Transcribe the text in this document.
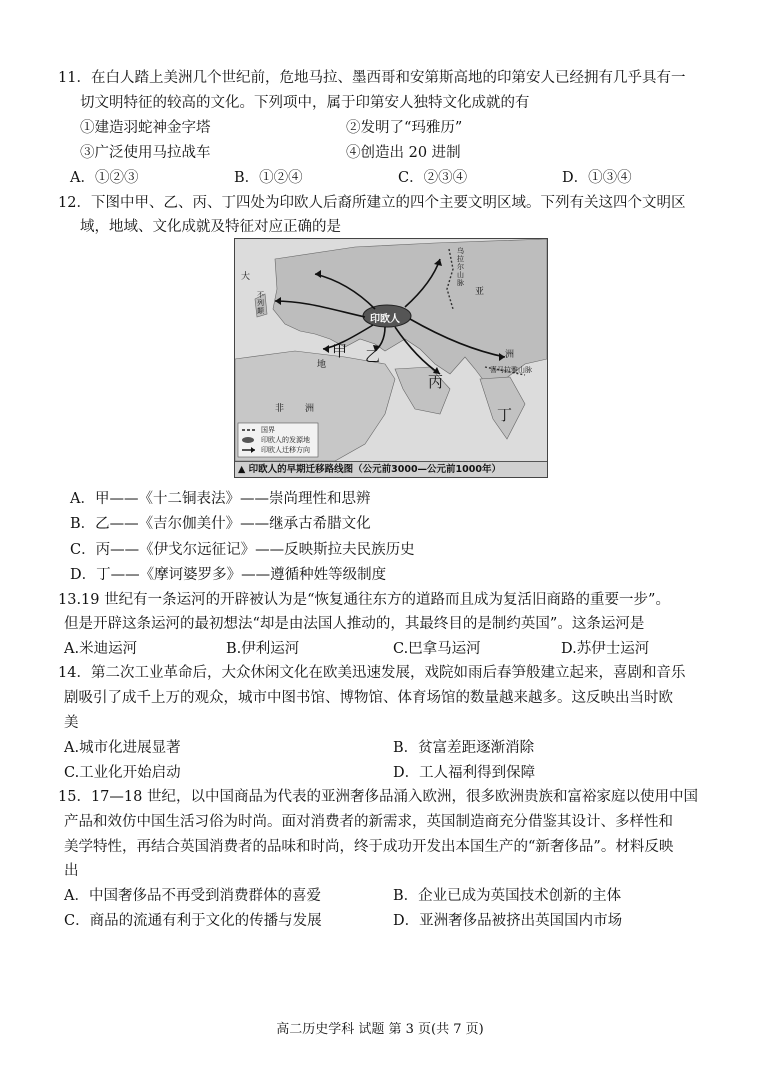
11．在白人踏上美洲几个世纪前，危地马拉、墨西哥和安第斯高地的印第安人已经拥有几乎具有一
切文明特征的较高的文化。下列项中，属于印第安人独特文化成就的有
①建造羽蛇神金字塔	②发明了“玛雅历”
③广泛使用马拉战车	④创造出 20 进制
A．①②③	B．①②④	C．②③④	D．①③④
12．下图中甲、乙、丙、丁四处为印欧人后裔所建立的四个主要文明区域。下列有关这四个文明区
域，地域、文化成就及特征对应正确的是
印欧人
甲 乙
丙
丁
大
不列颠
地
非 洲
亚
洲
喜马拉雅山脉
乌拉尔山脉
国界
印欧人的发源地
印欧人迁移方向
▲ 印欧人的早期迁移路线图（公元前3000—公元前1000年）
A．甲——《十二铜表法》——崇尚理性和思辨
B．乙——《吉尔伽美什》——继承古希腊文化
C．丙——《伊戈尔远征记》——反映斯拉夫民族历史
D．丁——《摩诃婆罗多》——遵循种姓等级制度
13.19 世纪有一条运河的开辟被认为是“恢复通往东方的道路而且成为复活旧商路的重要一步”。
但是开辟这条运河的最初想法“却是由法国人推动的，其最终目的是制约英国”。这条运河是
A.米迪运河	B.伊利运河	C.巴拿马运河	D.苏伊士运河
14．第二次工业革命后，大众休闲文化在欧美迅速发展，戏院如雨后春笋般建立起来，喜剧和音乐
剧吸引了成千上万的观众，城市中图书馆、博物馆、体育场馆的数量越来越多。这反映出当时欧
美
A.城市化进展显著	B．贫富差距逐渐消除
C.工业化开始启动	D．工人福利得到保障
15．17—18 世纪，以中国商品为代表的亚洲奢侈品涌入欧洲，很多欧洲贵族和富裕家庭以使用中国
产品和效仿中国生活习俗为时尚。面对消费者的新需求，英国制造商充分借鉴其设计、多样性和
美学特性，再结合英国消费者的品味和时尚，终于成功开发出本国生产的“新奢侈品”。材料反映
出
A．中国奢侈品不再受到消费群体的喜爱	B．企业已成为英国技术创新的主体
C．商品的流通有利于文化的传播与发展	D．亚洲奢侈品被挤出英国国内市场
高二历史学科 试题 第 3 页(共 7 页)
